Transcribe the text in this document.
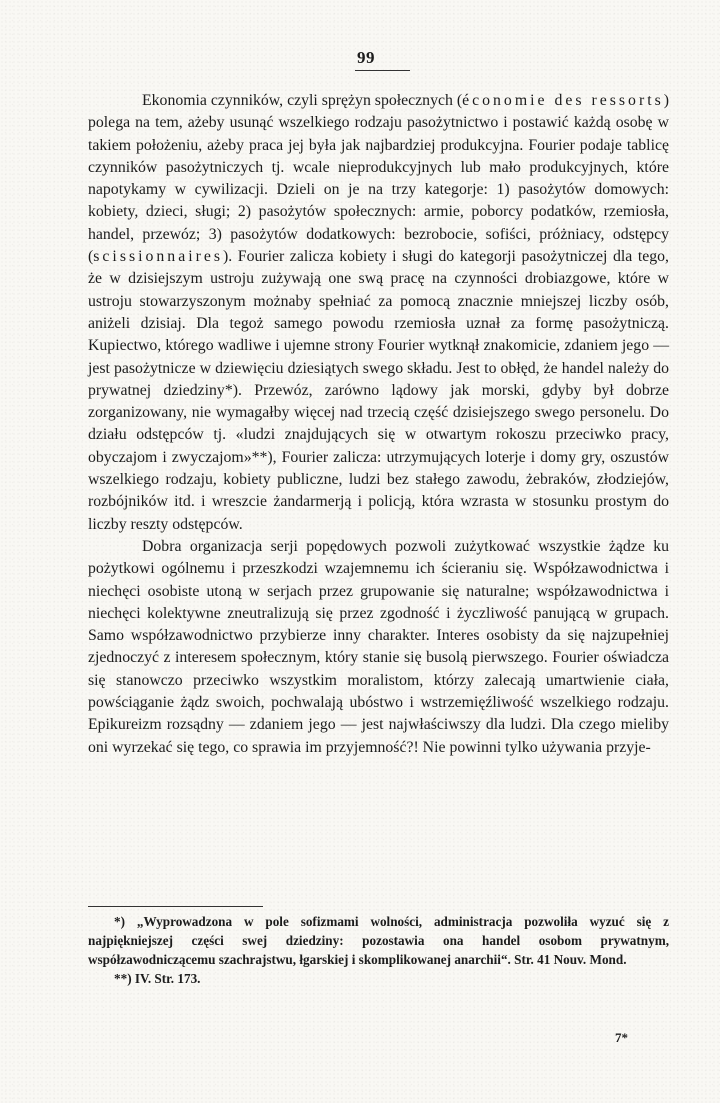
99

Ekonomia czynników, czyli sprężyn społecznych (économie des ressorts) polega na tem, ażeby usunąć wszelkiego rodzaju pasożytnictwo i postawić każdą osobę w takiem położeniu, ażeby praca jej była jak najbardziej produkcyjna. Fourier podaje tablicę czynników pasożytniczych tj. wcale nieprodukcyjnych lub mało produkcyjnych, które napotykamy w cywilizacji. Dzieli on je na trzy kategorje: 1) pasożytów domowych: kobiety, dzieci, sługi; 2) pasożytów społecznych: armie, poborcy podatków, rzemiosła, handel, przewóz; 3) pasożytów dodatkowych: bezrobocie, sofiści, próżniacy, odstępcy (scissionnaires). Fourier zalicza kobiety i sługi do kategorji pasożytniczej dla tego, że w dzisiejszym ustroju zużywają one swą pracę na czynności drobiazgowe, które w ustroju stowarzyszonym możnaby spełniać za pomocą znacznie mniejszej liczby osób, aniżeli dzisiaj. Dla tegoż samego powodu rzemiosła uznał za formę pasożytniczą. Kupiectwo, którego wadliwe i ujemne strony Fourier wytknął znakomicie, zdaniem jego — jest pasożytnicze w dziewięciu dziesiątych swego składu. Jest to obłęd, że handel należy do prywatnej dziedziny*). Przewóz, zarówno lądowy jak morski, gdyby był dobrze zorganizowany, nie wymagałby więcej nad trzecią część dzisiejszego swego personelu. Do działu odstępców tj. «ludzi znajdujących się w otwartym rokoszu przeciwko pracy, obyczajom i zwyczajom»**), Fourier zalicza: utrzymujących loterje i domy gry, oszustów wszelkiego rodzaju, kobiety publiczne, ludzi bez stałego zawodu, żebraków, złodziejów, rozbójników itd. i wreszcie żandarmerją i policją, która wzrasta w stosunku prostym do liczby reszty odstępców.

Dobra organizacja serji popędowych pozwoli zużytkować wszystkie żądze ku pożytkowi ogólnemu i przeszkodzi wzajemnemu ich ścieraniu się. Współzawodnictwa i niechęci osobiste utoną w serjach przez grupowanie się naturalne; współzawodnictwa i niechęci kolektywne zneutralizują się przez zgodność i życzliwość panującą w grupach. Samo współzawodnictwo przybierze inny charakter. Interes osobisty da się najzupełniej zjednoczyć z interesem społecznym, który stanie się busolą pierwszego. Fourier oświadcza się stanowczo przeciwko wszystkim moralistom, którzy zalecają umartwienie ciała, powściąganie żądz swoich, pochwalają ubóstwo i wstrzemięźliwość wszelkiego rodzaju. Epikureizm rozsądny — zdaniem jego — jest najwłaściwszy dla ludzi. Dla czego mieliby oni wyrzekać się tego, co sprawia im przyjemność?! Nie powinni tylko używania przyje-

*) „Wyprowadzona w pole sofizmami wolności, administracja pozwoliła wyzuć się z najpiękniejszej części swej dziedziny: pozostawia ona handel osobom prywatnym, współzawodniczącemu szachrajstwu, łgarskiej i skomplikowanej anarchii“. Str. 41 Nouv. Mond.

**) IV. Str. 173.

7*
